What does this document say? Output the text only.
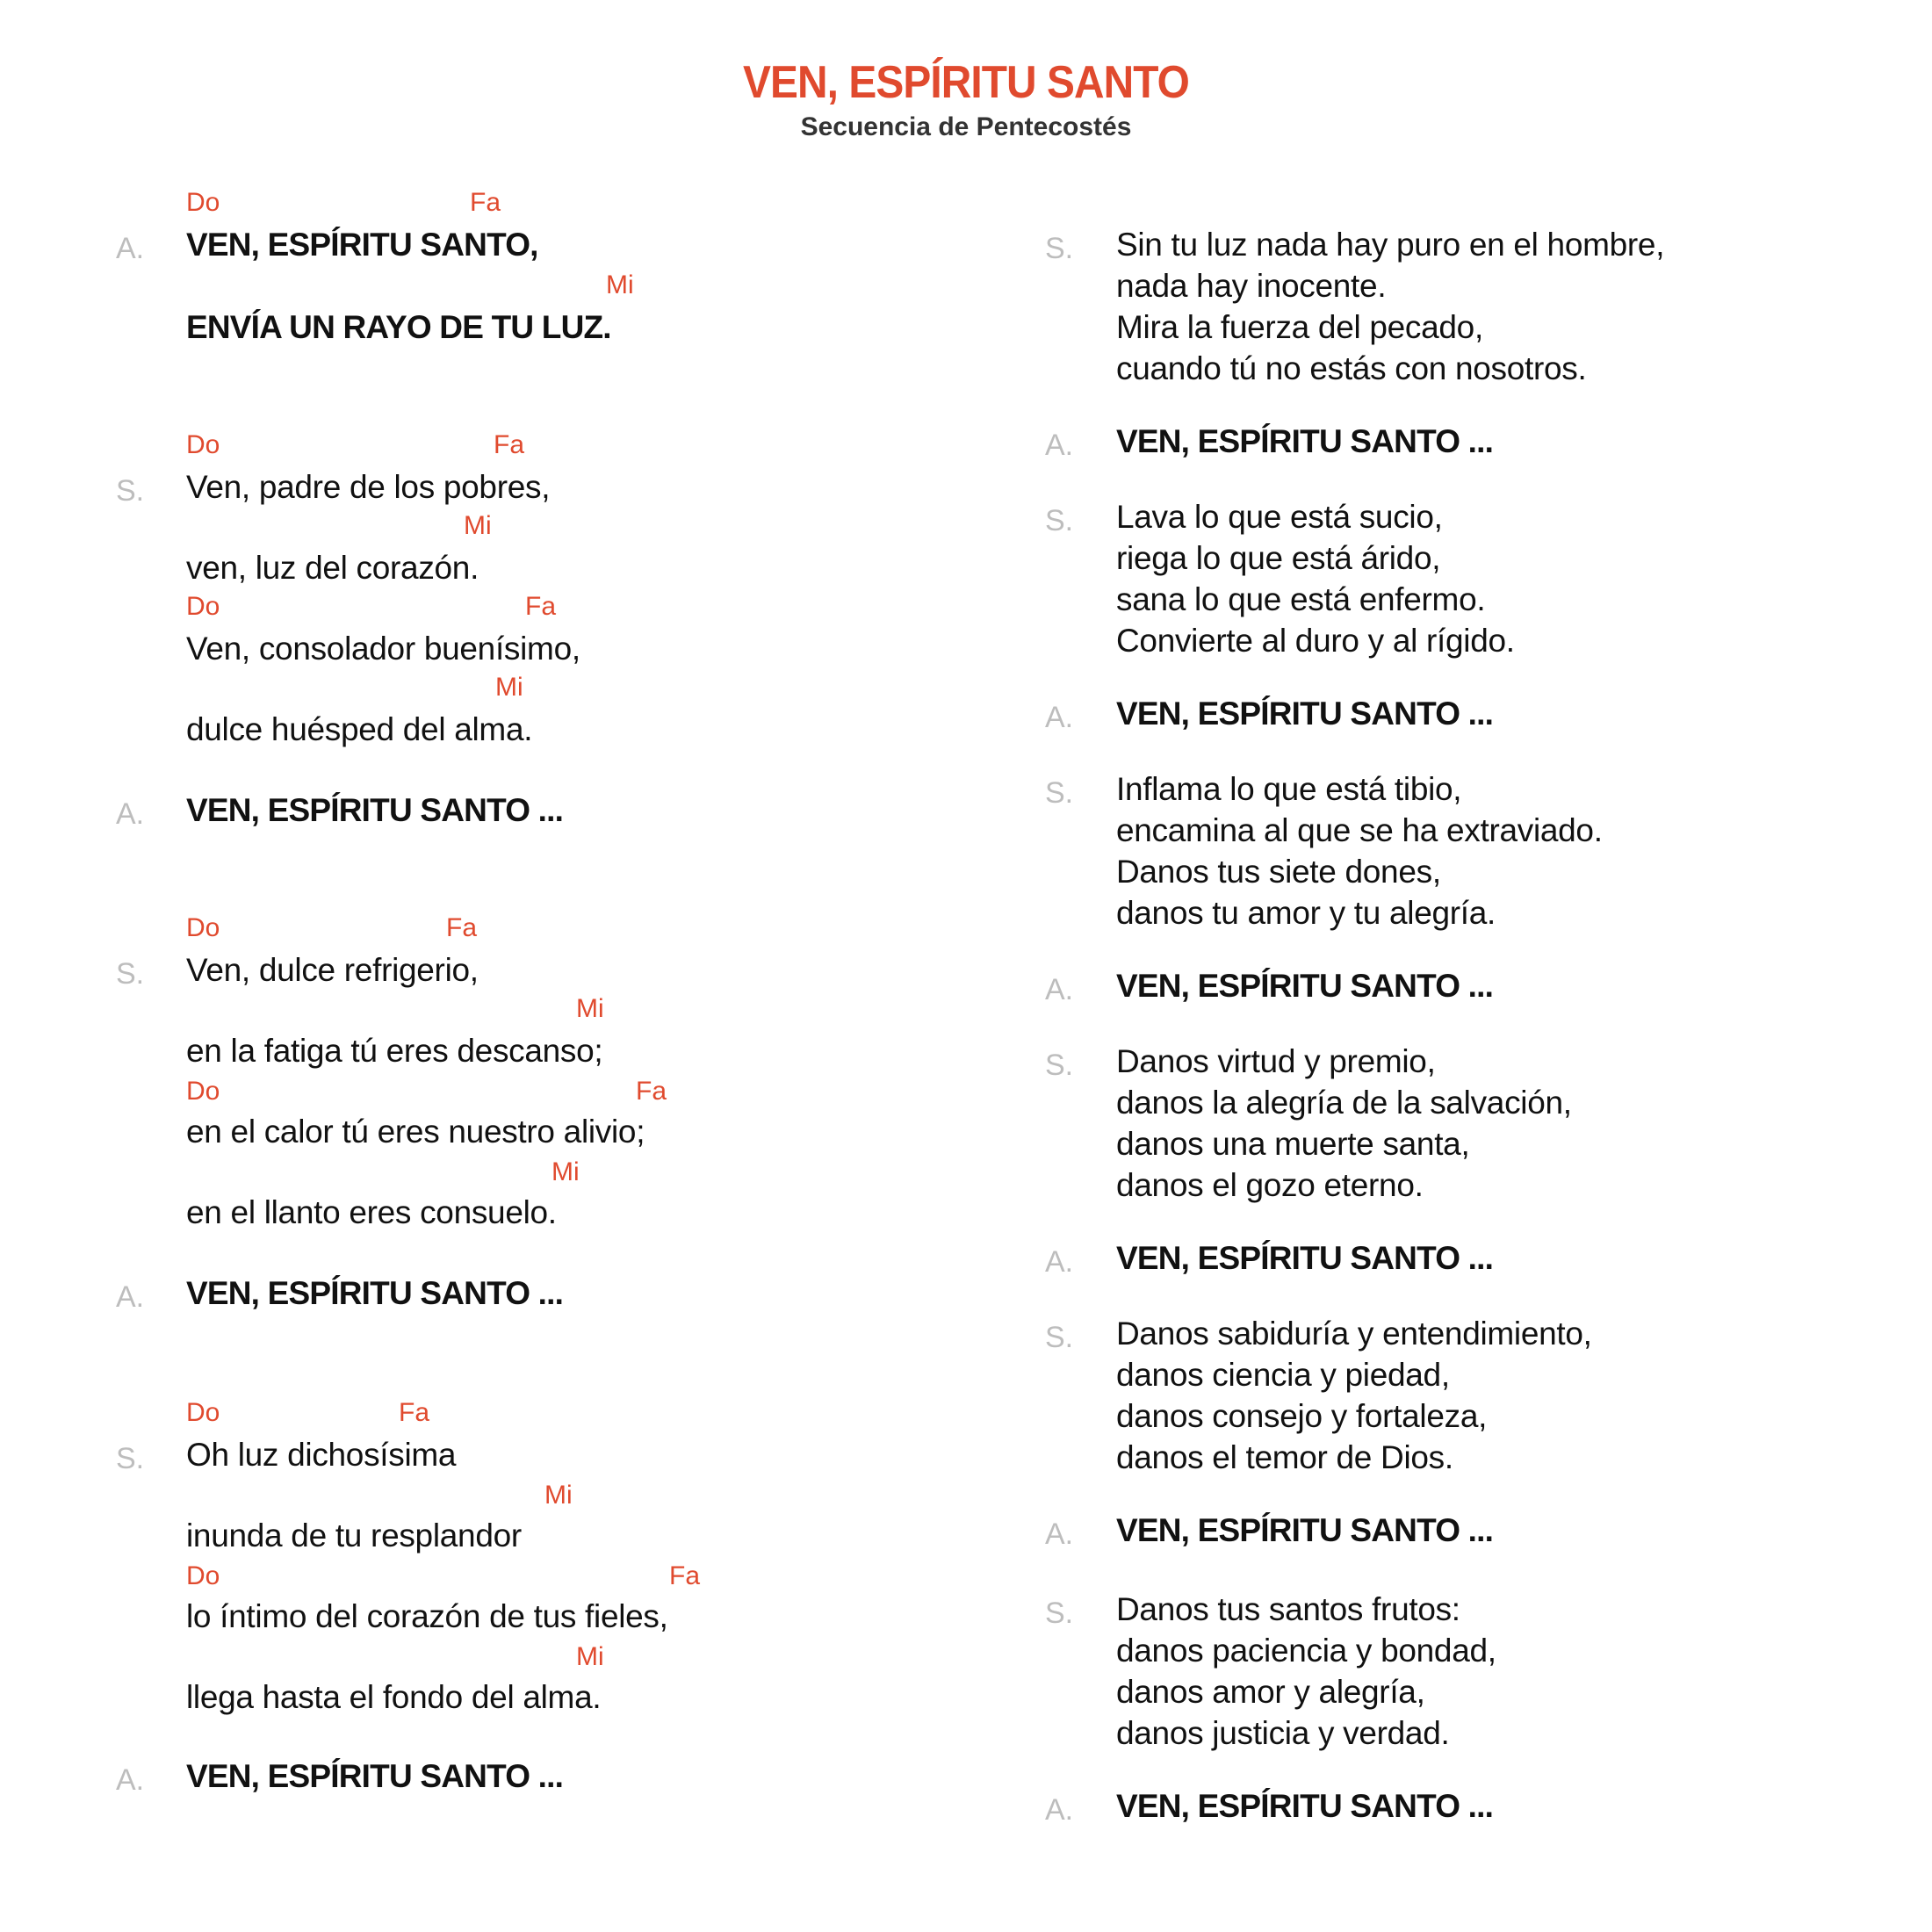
VEN, ESPÍRITU SANTO
Secuencia de Pentecostés
Do	Fa
Mi
Do	Fa
Mi
Do	Fa
Mi
Do	Fa
Mi
Do	Fa
Mi
Do	Fa
Mi
Do	Fa
Mi
A.
S.
A.
S.
A.
S.
A.
VEN, ESPÍRITU SANTO,
ENVÍA UN RAYO DE TU LUZ.
Ven, padre de los pobres,
ven, luz del corazón.
Ven, consolador buenísimo,
dulce huésped del alma.
VEN, ESPÍRITU SANTO ...
Ven, dulce refrigerio,
en la fatiga tú eres descanso;
en el calor tú eres nuestro alivio;
en el llanto eres consuelo.
VEN, ESPÍRITU SANTO ...
Oh luz dichosísima
inunda de tu resplandor
lo íntimo del corazón de tus fieles,
llega hasta el fondo del alma.
VEN, ESPÍRITU SANTO ...
S.
A.
S.
A.
S.
A.
S.
A.
S.
A.
S.
A.
Sin tu luz nada hay puro en el hombre,
nada hay inocente.
Mira la fuerza del pecado,
cuando tú no estás con nosotros.
VEN, ESPÍRITU SANTO ...
Lava lo que está sucio,
riega lo que está árido,
sana lo que está enfermo.
Convierte al duro y al rígido.
VEN, ESPÍRITU SANTO ...
Inflama lo que está tibio,
encamina al que se ha extraviado.
Danos tus siete dones,
danos tu amor y tu alegría.
VEN, ESPÍRITU SANTO ...
Danos virtud y premio,
danos la alegría de la salvación,
danos una muerte santa,
danos el gozo eterno.
VEN, ESPÍRITU SANTO ...
Danos sabiduría y entendimiento,
danos ciencia y piedad,
danos consejo y fortaleza,
danos el temor de Dios.
VEN, ESPÍRITU SANTO ...
Danos tus santos frutos:
danos paciencia y bondad,
danos amor y alegría,
danos justicia y verdad.
VEN, ESPÍRITU SANTO ...
